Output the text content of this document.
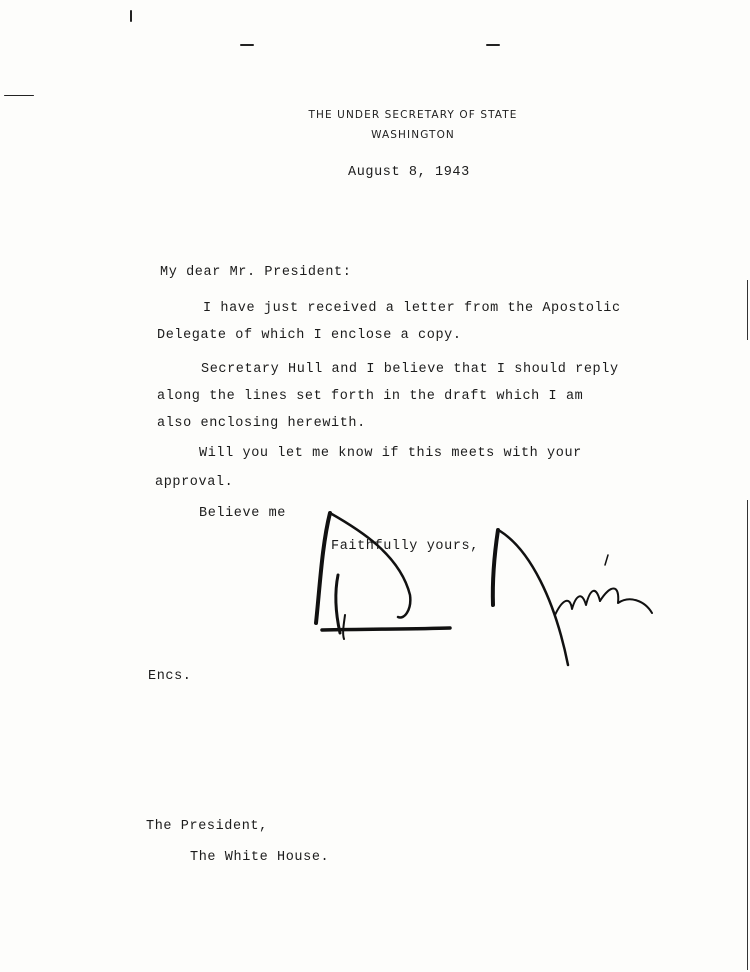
THE UNDER SECRETARY OF STATE
WASHINGTON
August 8, 1943
My dear Mr. President:
I have just received a letter from the Apostolic
Delegate of which I enclose a copy.
Secretary Hull and I believe that I should reply
along the lines set forth in the draft which I am
also enclosing herewith.
Will you let me know if this meets with your
approval.
Believe me
Faithfully yours,
Encs.
The President,
The White House.
